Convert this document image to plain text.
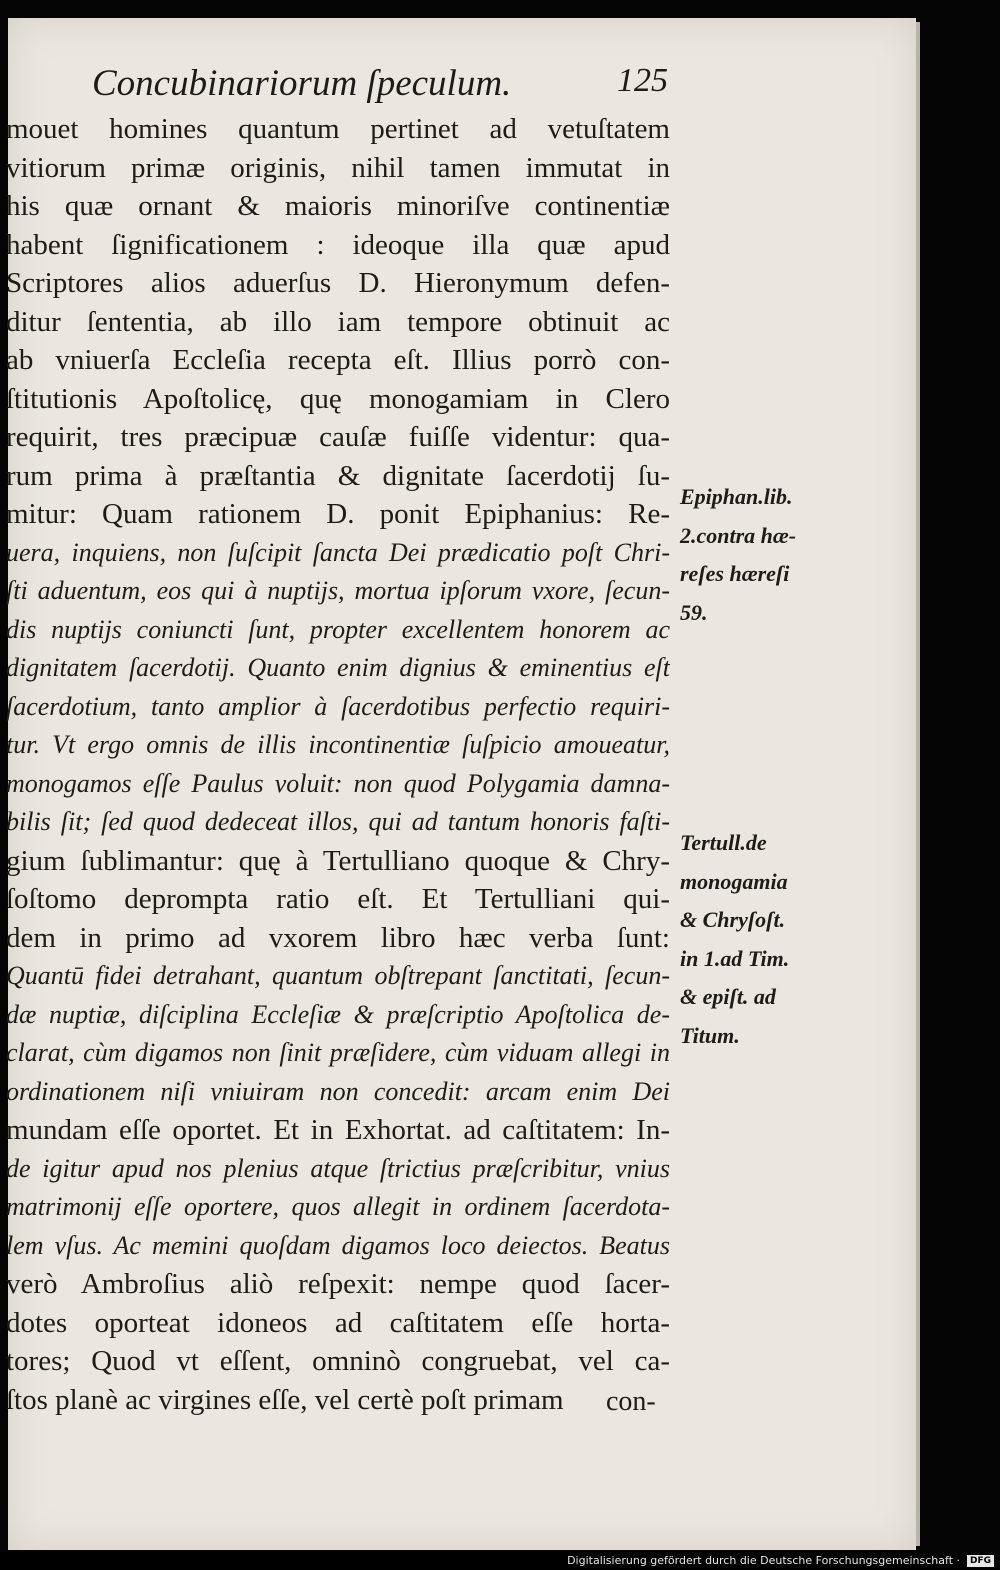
Concubinariorum ſpeculum.	125
mouet homines quantum pertinet ad vetuſtatem
vitiorum primæ originis, nihil tamen immutat in
his quæ ornant & maioris minoriſve continentiæ
habent ſignificationem : ideoque illa quæ apud
Scriptores alios aduerſus D. Hieronymum defen-
ditur ſententia, ab illo iam tempore obtinuit ac
ab vniuerſa Eccleſia recepta eſt. Illius porrò con-
ſtitutionis Apoſtolicę, quę monogamiam in Clero
requirit, tres præcipuæ cauſæ fuiſſe videntur: qua-
rum prima à præſtantia & dignitate ſacerdotij ſu-
mitur: Quam rationem D. ponit Epiphanius: Re-
uera, inquiens, non ſuſcipit ſancta Dei prædicatio poſt Chri-
ſti aduentum, eos qui à nuptijs, mortua ipſorum vxore, ſecun-
dis nuptijs coniuncti ſunt, propter excellentem honorem ac
dignitatem ſacerdotij. Quanto enim dignius & eminentius eſt
ſacerdotium, tanto amplior à ſacerdotibus perfectio requiri-
tur. Vt ergo omnis de illis incontinentiæ ſuſpicio amoueatur,
monogamos eſſe Paulus voluit: non quod Polygamia damna-
bilis ſit; ſed quod dedeceat illos, qui ad tantum honoris faſti-
gium ſublimantur: quę à Tertulliano quoque & Chry-
ſoſtomo deprompta ratio eſt. Et Tertulliani qui-
dem in primo ad vxorem libro hæc verba ſunt:
Quantū fidei detrahant, quantum obſtrepant ſanctitati, ſecun-
dæ nuptiæ, diſciplina Eccleſiæ & præſcriptio Apoſtolica de-
clarat, cùm digamos non ſinit præſidere, cùm viduam allegi in
ordinationem niſi vniuiram non concedit: arcam enim Dei
mundam eſſe oportet. Et in Exhortat. ad caſtitatem: In-
de igitur apud nos plenius atque ſtrictius præſcribitur, vnius
matrimonij eſſe oportere, quos allegit in ordinem ſacerdota-
lem vſus. Ac memini quoſdam digamos loco deiectos. Beatus
verò Ambroſius aliò reſpexit: nempe quod ſacer-
dotes oporteat idoneos ad caſtitatem eſſe horta-
tores; Quod vt eſſent, omninò congruebat, vel ca-
ſtos planè ac virgines eſſe, vel certè poſt primam	con-
Epiphan.lib.
2.contra hæ-
reſes hæreſi
59.
Tertull.de
monogamia
& Chryſoſt.
in 1.ad Tim.
& epiſt. ad
Titum.
Digitalisierung gefördert durch die Deutsche Forschungsgemeinschaft ·	DFG
